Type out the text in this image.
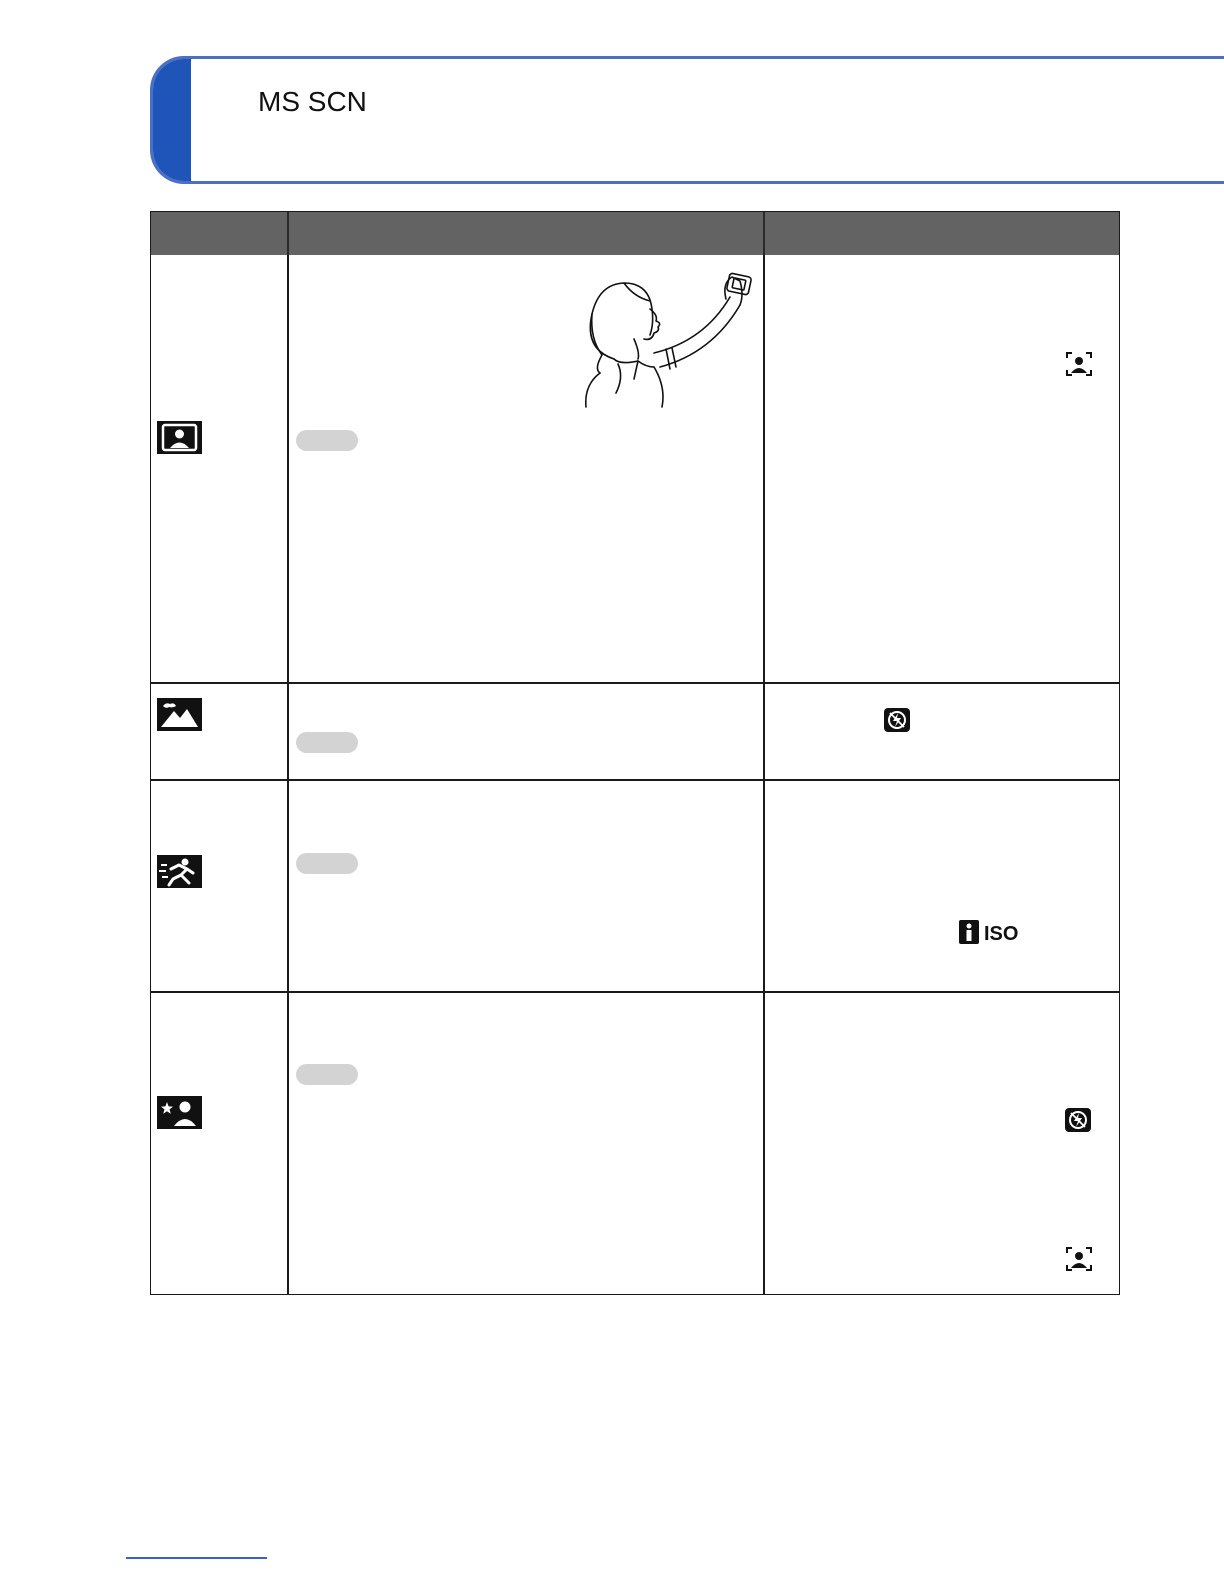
MS SCN
ISO
